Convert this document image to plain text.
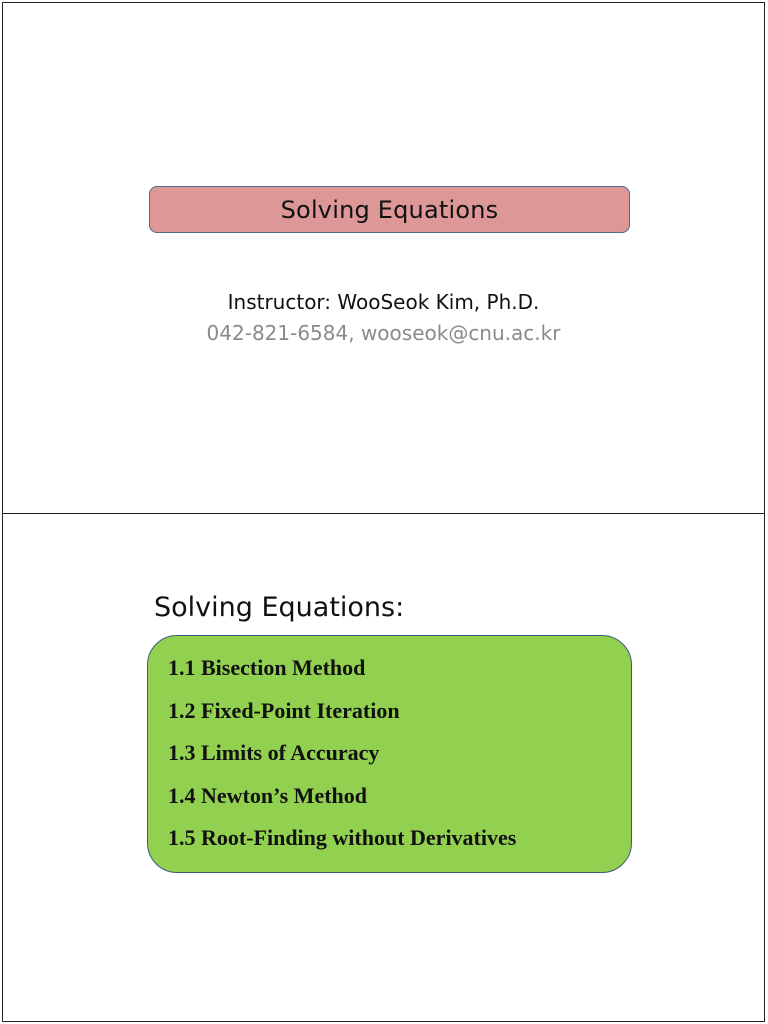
Solving Equations
Instructor: WooSeok Kim, Ph.D.
042-821-6584, wooseok@cnu.ac.kr
Solving Equations:
1.1 Bisection Method
1.2 Fixed-Point Iteration
1.3 Limits of Accuracy
1.4 Newton’s Method
1.5 Root-Finding without Derivatives
